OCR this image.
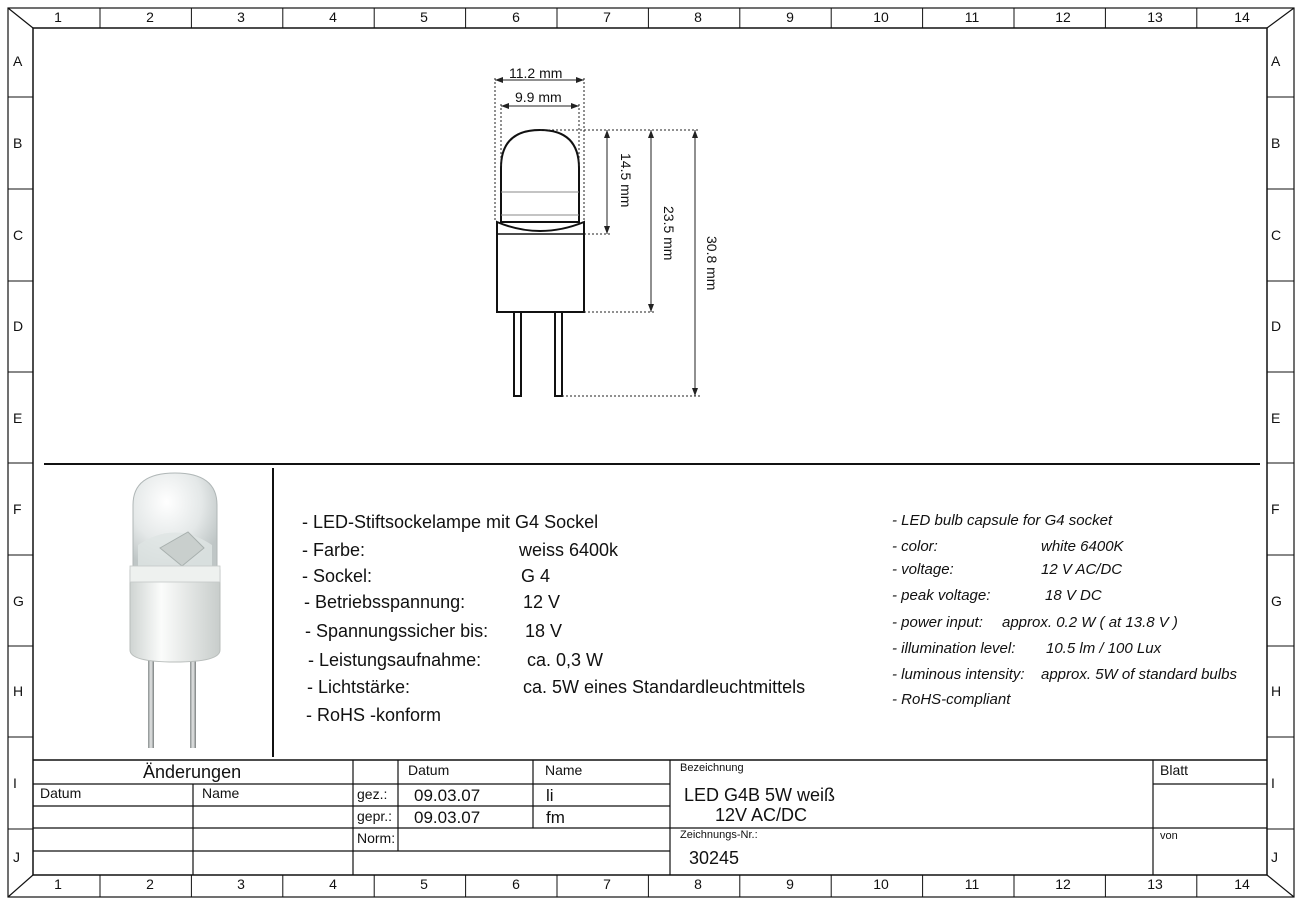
1
1
2
2
3
3
4
4
5
5
6
6
7
7
8
8
9
9
10
10
11
11
12
12
13
13
14
14
A	A
B	B
C	C
D	D
E	E
F	F
G	G
H	H
I	I
J	J
11.2 mm
9.9 mm
14.5 mm
23.5 mm
30.8 mm
- LED-Stiftsockelampe mit G4 Sockel
- Farbe:	weiss 6400k
- Sockel:	G 4
- Betriebsspannung:	12 V
- Spannungssicher bis: 18 V
- Leistungsaufnahme:	ca. 0,3 W
- Lichtstärke:	ca. 5W eines Standardleuchtmittels
- RoHS -konform
- LED bulb capsule for G4 socket
- color:	white 6400K
- voltage:	12 V AC/DC
- peak voltage:	18 V DC
- power input: approx. 0.2 W ( at 13.8 V )
- illumination level: 10.5 lm / 100 Lux
- luminous intensity: approx. 5W of standard bulbs
- RoHS-compliant
Änderungen
Datum	Name
Datum	Name
gez.: 09.03.07	li
gepr.: 09.03.07	fm
Norm:
Bezeichnung
LED G4B 5W weiß
12V AC/DC
Zeichnungs-Nr.:
30245
Blatt
von
